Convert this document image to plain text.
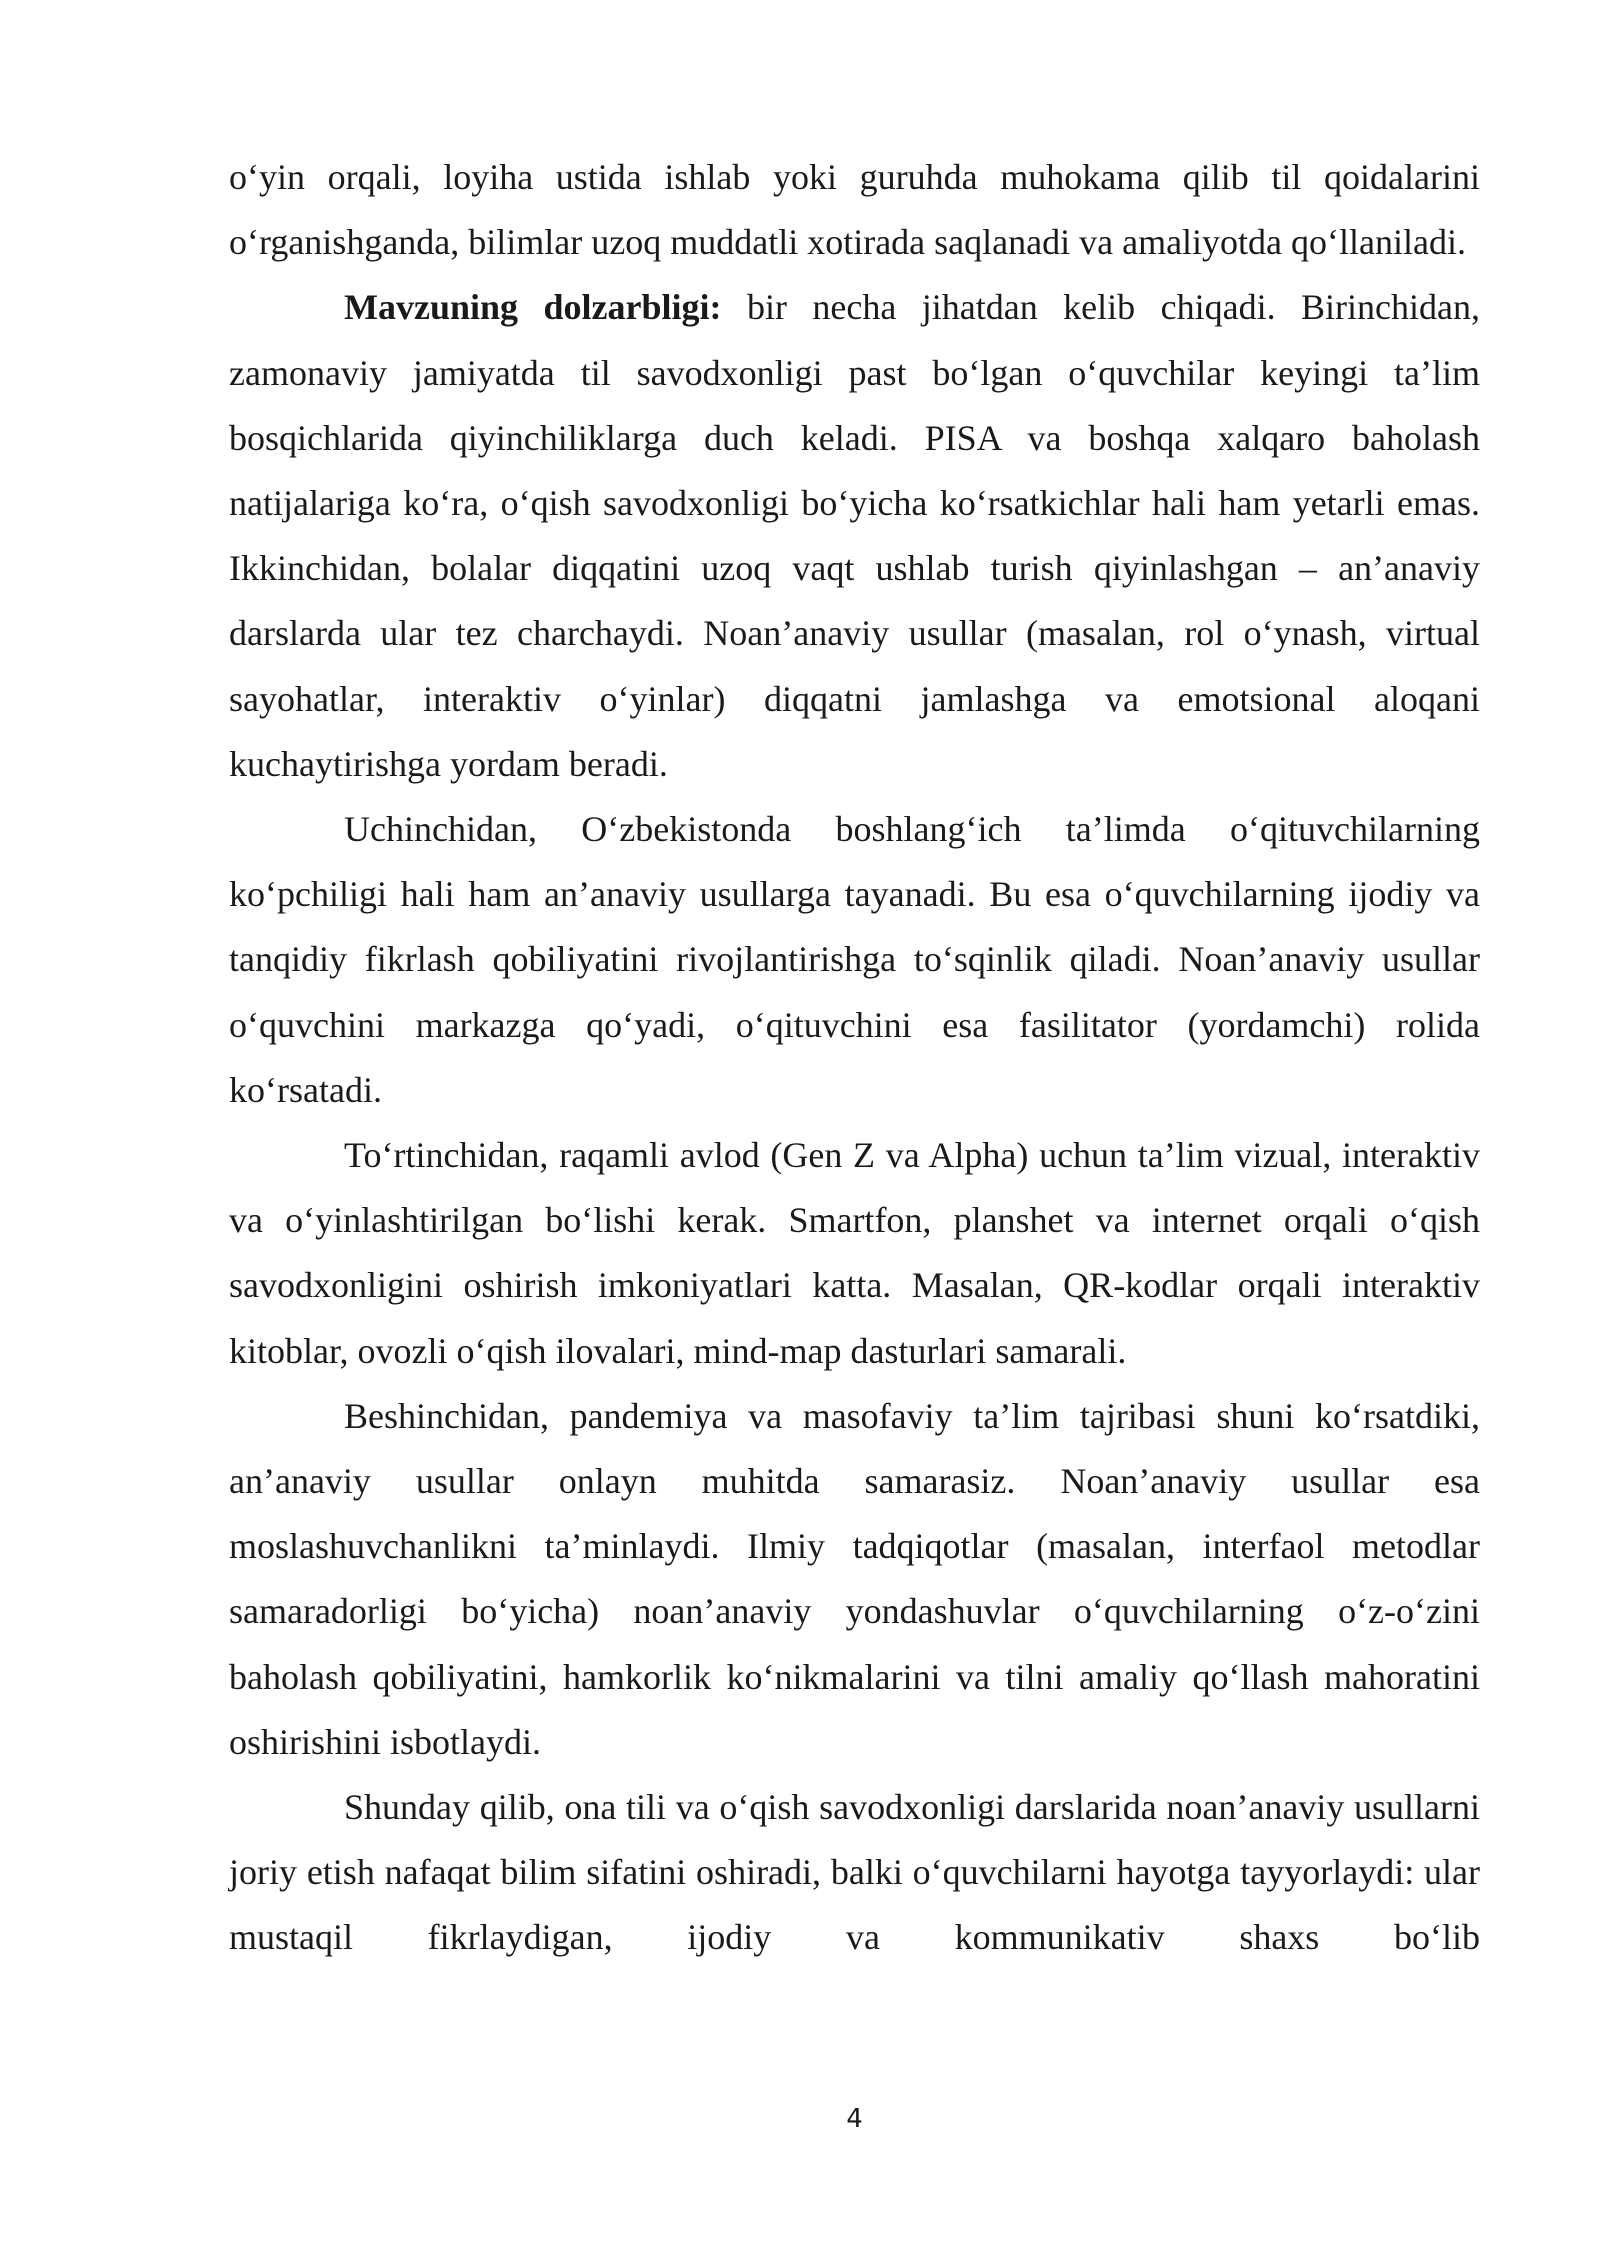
o‘yin orqali, loyiha ustida ishlab yoki guruhda muhokama qilib til qoidalarini o‘rganishganda, bilimlar uzoq muddatli xotirada saqlanadi va amaliyotda qo‘llaniladi.

Mavzuning dolzarbligi: bir necha jihatdan kelib chiqadi. Birinchidan, zamonaviy jamiyatda til savodxonligi past bo‘lgan o‘quvchilar keyingi ta’lim bosqichlarida qiyinchiliklarga duch keladi. PISA va boshqa xalqaro baholash natijalariga ko‘ra, o‘qish savodxonligi bo‘yicha ko‘rsatkichlar hali ham yetarli emas. Ikkinchidan, bolalar diqqatini uzoq vaqt ushlab turish qiyinlashgan – an’anaviy darslarda ular tez charchaydi. Noan’anaviy usullar (masalan, rol o‘ynash, virtual sayohatlar, interaktiv o‘yinlar) diqqatni jamlashga va emotsional aloqani kuchaytirishga yordam beradi.

Uchinchidan, O‘zbekistonda boshlang‘ich ta’limda o‘qituvchilarning ko‘pchiligi hali ham an’anaviy usullarga tayanadi. Bu esa o‘quvchilarning ijodiy va tanqidiy fikrlash qobiliyatini rivojlantirishga to‘sqinlik qiladi. Noan’anaviy usullar o‘quvchini markazga qo‘yadi, o‘qituvchini esa fasilitator (yordamchi) rolida ko‘rsatadi.

To‘rtinchidan, raqamli avlod (Gen Z va Alpha) uchun ta’lim vizual, interaktiv va o‘yinlashtirilgan bo‘lishi kerak. Smartfon, planshet va internet orqali o‘qish savodxonligini oshirish imkoniyatlari katta. Masalan, QR-kodlar orqali interaktiv kitoblar, ovozli o‘qish ilovalari, mind-map dasturlari samarali.

Beshinchidan, pandemiya va masofaviy ta’lim tajribasi shuni ko‘rsatdiki, an’anaviy usullar onlayn muhitda samarasiz. Noan’anaviy usullar esa moslashuvchanlikni ta’minlaydi. Ilmiy tadqiqotlar (masalan, interfaol metodlar samaradorligi bo‘yicha) noan’anaviy yondashuvlar o‘quvchilarning o‘z-o‘zini baholash qobiliyatini, hamkorlik ko‘nikmalarini va tilni amaliy qo‘llash mahoratini oshirishini isbotlaydi.

Shunday qilib, ona tili va o‘qish savodxonligi darslarida noan’anaviy usullarni joriy etish nafaqat bilim sifatini oshiradi, balki o‘quvchilarni hayotga tayyorlaydi: ular mustaqil fikrlaydigan, ijodiy va kommunikativ shaxs bo‘lib

4
